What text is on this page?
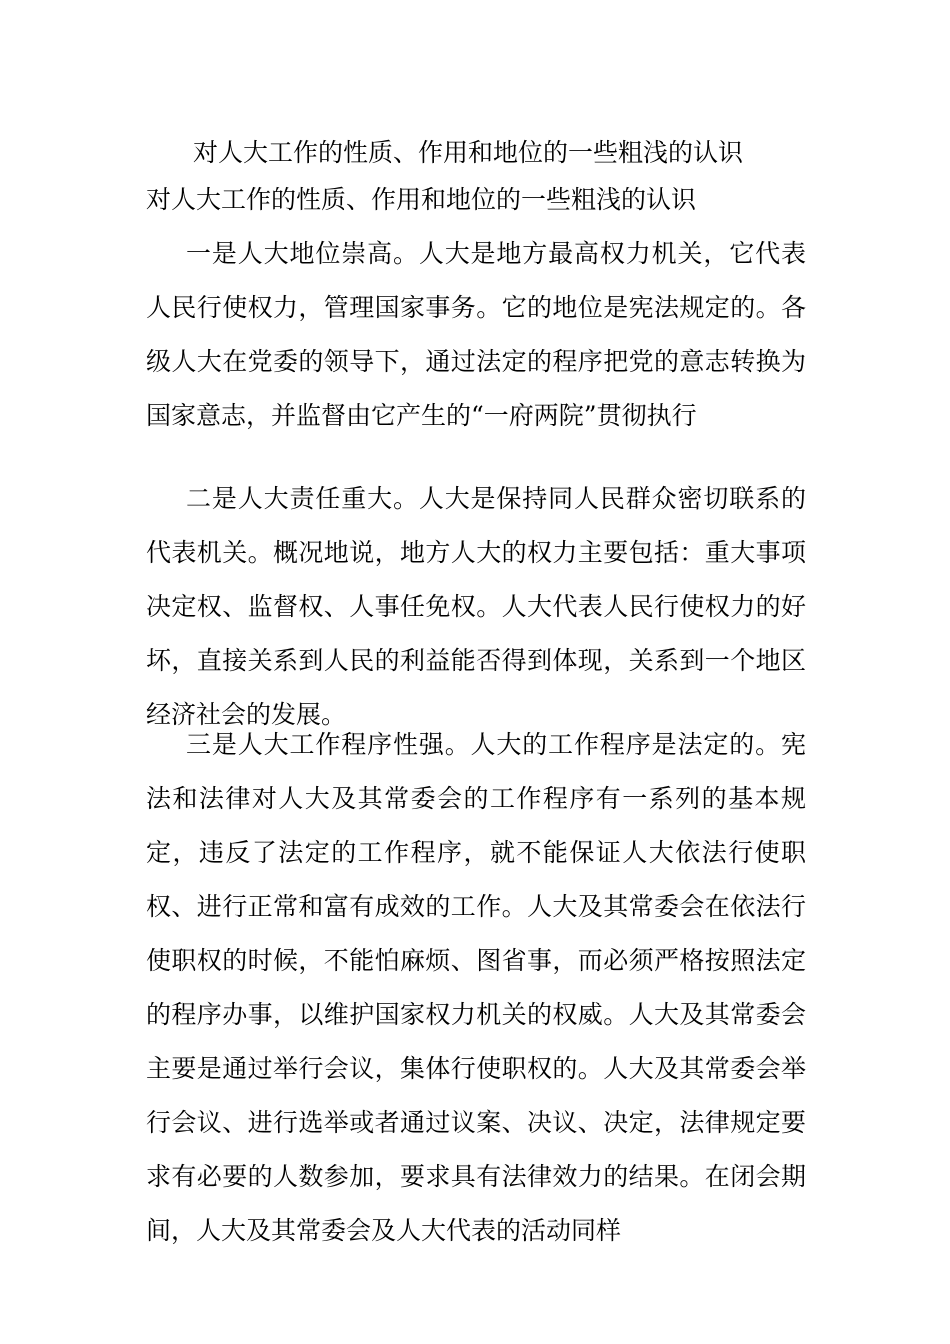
对人大工作的性质、作用和地位的一些粗浅的认识
对人大工作的性质、作用和地位的一些粗浅的认识

一是人大地位崇高。人大是地方最高权力机关，它代表人民行使权力，管理国家事务。它的地位是宪法规定的。各级人大在党委的领导下，通过法定的程序把党的意志转换为国家意志，并监督由它产生的“一府两院”贯彻执行

二是人大责任重大。人大是保持同人民群众密切联系的代表机关。概况地说，地方人大的权力主要包括：重大事项决定权、监督权、人事任免权。人大代表人民行使权力的好坏，直接关系到人民的利益能否得到体现，关系到一个地区经济社会的发展。

三是人大工作程序性强。人大的工作程序是法定的。宪法和法律对人大及其常委会的工作程序有一系列的基本规定，违反了法定的工作程序，就不能保证人大依法行使职权、进行正常和富有成效的工作。人大及其常委会在依法行使职权的时候，不能怕麻烦、图省事，而必须严格按照法定的程序办事，以维护国家权力机关的权威。人大及其常委会主要是通过举行会议，集体行使职权的。人大及其常委会举行会议、进行选举或者通过议案、决议、决定，法律规定要求有必要的人数参加，要求具有法律效力的结果。在闭会期间，人大及其常委会及人大代表的活动同样
